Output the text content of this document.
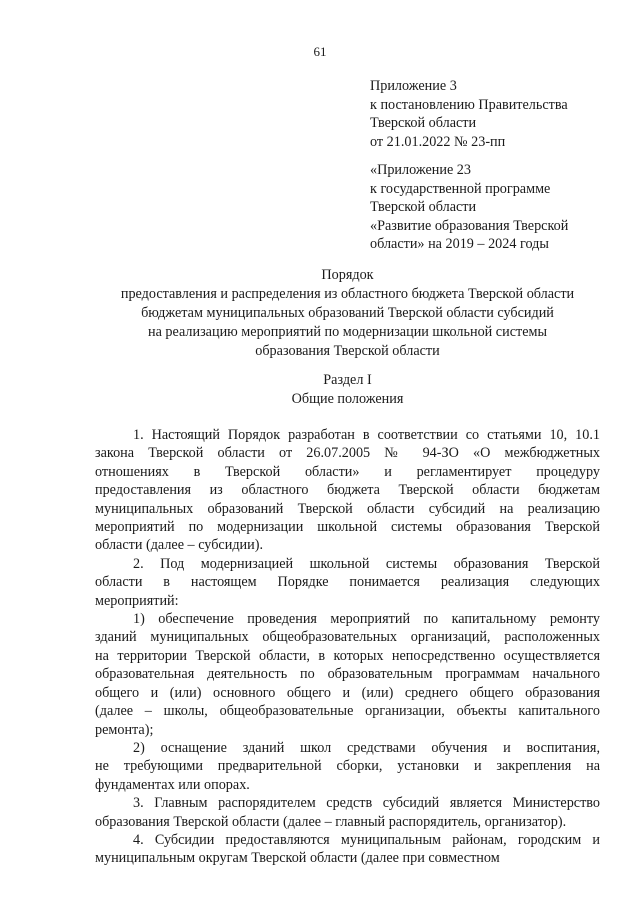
61
Приложение 3
к постановлению Правительства
Тверской области
от 21.01.2022 № 23-пп
«Приложение 23
к государственной программе
Тверской области
«Развитие образования Тверской
области» на 2019 – 2024 годы
Порядок
предоставления и распределения из областного бюджета Тверской области
бюджетам муниципальных образований Тверской области субсидий
на реализацию мероприятий по модернизации школьной системы
образования Тверской области
Раздел I
Общие положения

1. Настоящий Порядок разработан в соответствии со статьями 10, 10.1
закона Тверской области от 26.07.2005 № 94-ЗО «О межбюджетных
отношениях в Тверской области» и регламентирует процедуру
предоставления из областного бюджета Тверской области бюджетам
муниципальных образований Тверской области субсидий на реализацию
мероприятий по модернизации школьной системы образования Тверской
области (далее – субсидии).

2. Под модернизацией школьной системы образования Тверской
области в настоящем Порядке понимается реализация следующих
мероприятий:

1) обеспечение проведения мероприятий по капитальному ремонту
зданий муниципальных общеобразовательных организаций, расположенных
на территории Тверской области, в которых непосредственно осуществляется
образовательная деятельность по образовательным программам начального
общего и (или) основного общего и (или) среднего общего образования
(далее – школы, общеобразовательные организации, объекты капитального
ремонта);

2) оснащение зданий школ средствами обучения и воспитания,
не требующими предварительной сборки, установки и закрепления на
фундаментах или опорах.

3. Главным распорядителем средств субсидий является Министерство
образования Тверской области (далее – главный распорядитель, организатор).

4. Субсидии предоставляются муниципальным районам, городским и
муниципальным округам Тверской области (далее при совместном
